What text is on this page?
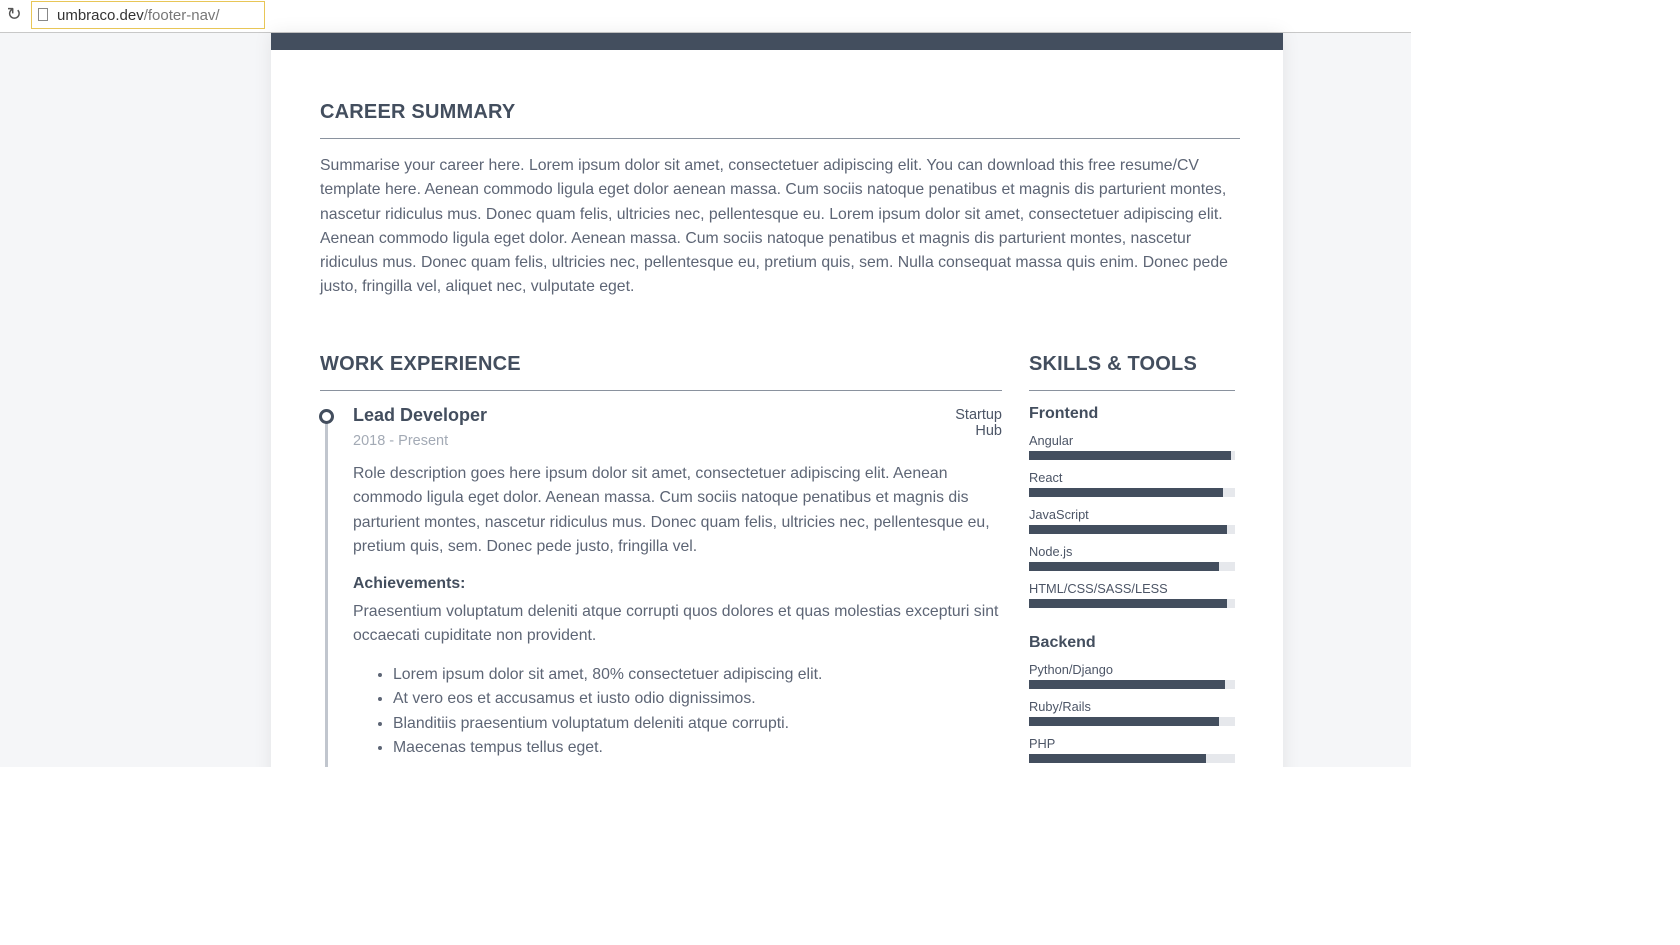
↻ umbraco.dev/footer-nav/
CAREER SUMMARY
Summarise your career here. Lorem ipsum dolor sit amet, consectetuer adipiscing elit. You can download this free resume/CV template here. Aenean commodo ligula eget dolor aenean massa. Cum sociis natoque penatibus et magnis dis parturient montes, nascetur ridiculus mus. Donec quam felis, ultricies nec, pellentesque eu. Lorem ipsum dolor sit amet, consectetuer adipiscing elit. Aenean commodo ligula eget dolor. Aenean massa. Cum sociis natoque penatibus et magnis dis parturient montes, nascetur ridiculus mus. Donec quam felis, ultricies nec, pellentesque eu, pretium quis, sem. Nulla consequat massa quis enim. Donec pede justo, fringilla vel, aliquet nec, vulputate eget.
WORK EXPERIENCE
Lead Developer	Startup Hub
2018 - Present
Role description goes here ipsum dolor sit amet, consectetuer adipiscing elit. Aenean commodo ligula eget dolor. Aenean massa. Cum sociis natoque penatibus et magnis dis parturient montes, nascetur ridiculus mus. Donec quam felis, ultricies nec, pellentesque eu, pretium quis, sem. Donec pede justo, fringilla vel.
Achievements:
Praesentium voluptatum deleniti atque corrupti quos dolores et quas molestias excepturi sint occaecati cupiditate non provident.
• Lorem ipsum dolor sit amet, 80% consectetuer adipiscing elit.
• At vero eos et accusamus et iusto odio dignissimos.
• Blanditiis praesentium voluptatum deleniti atque corrupti.
• Maecenas tempus tellus eget.
SKILLS & TOOLS
Frontend
Angular
React
JavaScript
Node.js
HTML/CSS/SASS/LESS
Backend
Python/Django
Ruby/Rails
PHP
